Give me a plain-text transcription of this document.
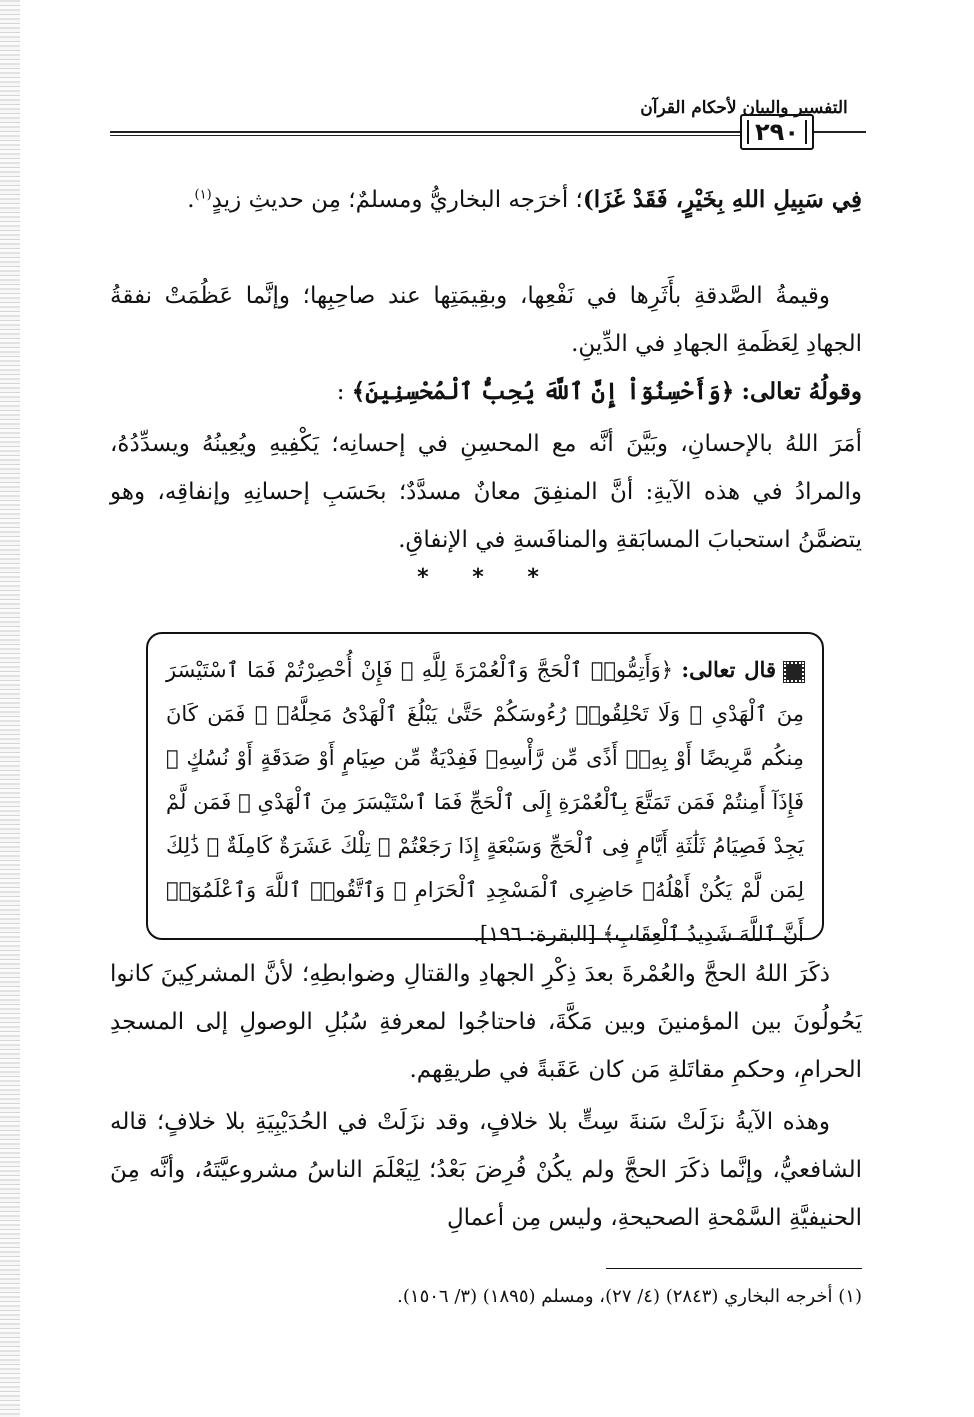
التفسير والبيان لأحكام القرآن
٢٩٠
فِي سَبِيلِ اللهِ بِخَيْرٍ، فَقَدْ غَزَا)؛ أخرَجه البخاريُّ ومسلمٌ؛ مِن حديثِ زيدٍ$^{(١)}$.
وقيمةُ الصَّدقةِ بأَثَرِها في نَفْعِها، وبقِيمَتِها عند صاحِبِها؛ وإنَّما عَظُمَتْ نفقةُ الجهادِ لِعَظَمةِ الجهادِ في الدِّينِ.
وقولُهُ تعالى: ﴿وَأَحْسِنُوٓاْ إِنَّ ٱللَّهَ يُحِبُّ ٱلْمُحْسِنِينَ﴾ :
أمَرَ اللهُ بالإحسانِ، وبَيَّنَ أنَّه مع المحسِنِ في إحسانِه؛ يَكْفِيهِ ويُعِينُهُ ويسدِّدُهُ، والمرادُ في هذه الآيةِ: أنَّ المنفِقَ معانٌ مسدَّدٌ؛ بحَسَبِ إحسانِهِ وإنفاقِه، وهو يتضمَّنُ استحبابَ المسابَقةِ والمنافَسةِ في الإنفاقِ.
* * *
قال تعالى: ﴿وَأَتِمُّوا۟ ٱلْحَجَّ وَٱلْعُمْرَةَ لِلَّهِ ۚ فَإِنْ أُحْصِرْتُمْ فَمَا ٱسْتَيْسَرَ مِنَ ٱلْهَدْىِ ۖ وَلَا تَحْلِقُوا۟ رُءُوسَكُمْ حَتَّىٰ يَبْلُغَ ٱلْهَدْىُ مَحِلَّهُۥ ۚ فَمَن كَانَ مِنكُم مَّرِيضًا أَوْ بِهِۦٓ أَذًى مِّن رَّأْسِهِۦ فَفِدْيَةٌ مِّن صِيَامٍ أَوْ صَدَقَةٍ أَوْ نُسُكٍ ۚ فَإِذَآ أَمِنتُمْ فَمَن تَمَتَّعَ بِٱلْعُمْرَةِ إِلَى ٱلْحَجِّ فَمَا ٱسْتَيْسَرَ مِنَ ٱلْهَدْىِ ۚ فَمَن لَّمْ يَجِدْ فَصِيَامُ ثَلَٰثَةِ أَيَّامٍ فِى ٱلْحَجِّ وَسَبْعَةٍ إِذَا رَجَعْتُمْ ۗ تِلْكَ عَشَرَةٌ كَامِلَةٌ ۗ ذَٰلِكَ لِمَن لَّمْ يَكُنْ أَهْلُهُۥ حَاضِرِى ٱلْمَسْجِدِ ٱلْحَرَامِ ۚ وَٱتَّقُوا۟ ٱللَّهَ وَٱعْلَمُوٓا۟ أَنَّ ٱللَّهَ شَدِيدُ ٱلْعِقَابِ﴾ [البقرة: ١٩٦].
ذكَرَ اللهُ الحجَّ والعُمْرةَ بعدَ ذِكْرِ الجهادِ والقتالِ وضوابطِهِ؛ لأنَّ المشركِينَ كانوا يَحُولُونَ بين المؤمنينَ وبين مَكَّةَ، فاحتاجُوا لمعرفةِ سُبُلِ الوصولِ إلى المسجدِ الحرامِ، وحكمِ مقاتَلةِ مَن كان عَقَبةً في طريقِهم.
وهذه الآيةُ نزَلَتْ سَنةَ سِتٍّ بلا خلافٍ، وقد نزَلَتْ في الحُدَيْبِيَةِ بلا خلافٍ؛ قاله الشافعيُّ، وإنَّما ذكَرَ الحجَّ ولم يكُنْ فُرِضَ بَعْدُ؛ لِيَعْلَمَ الناسُ مشروعيَّتَهُ، وأنَّه مِنَ الحنيفيَّةِ السَّمْحةِ الصحيحةِ، وليس مِن أعمالِ
(١) أخرجه البخاري (٢٨٤٣) (٤/ ٢٧)، ومسلم (١٨٩٥) (٣/ ١٥٠٦).
